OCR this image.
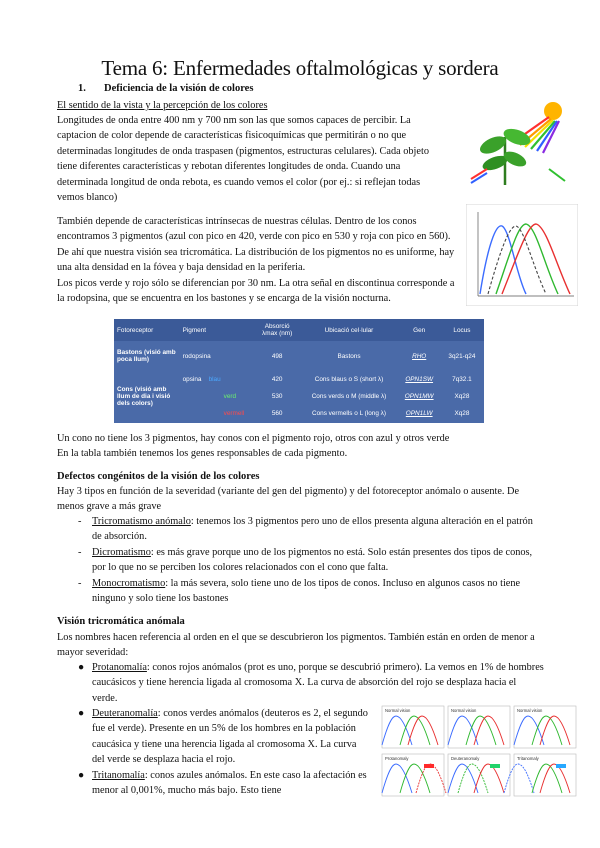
Tema 6: Enfermedades oftalmológicas y sordera
1. Deficiencia de la visión de colores
El sentido de la vista y la percepción de los colores

Longitudes de onda entre 400 nm y 700 nm son las que somos capaces de percibir. La captacion de color depende de características fisicoquímicas que permitirán o no que determinadas longitudes de onda traspasen (pigmentos, estructuras celulares). Cada objeto tiene diferentes características y rebotan diferentes longitudes de onda. Cuando una determinada longitud de onda rebota, es cuando vemos el color (por ej.: si reflejan todas vemos blanco)

También depende de características intrínsecas de nuestras células. Dentro de los conos encontramos 3 pigmentos (azul con pico en 420, verde con pico en 530 y roja con pico en 560). De ahí que nuestra visión sea tricromática. La distribución de los pigmentos no es uniforme, hay una alta densidad en la fóvea y baja densidad en la periferia.

Los picos verde y rojo sólo se diferencian por 30 nm. La otra señal en discontinua corresponde a la rodopsina, que se encuentra en los bastones y se encarga de la visión nocturna.

Fotoreceptor	Pigment	Absorció λmax (nm)	Ubicació cel·lular	Gen	Locus
Bastons (visió amb poca llum)	rodopsina	498	Bastons	RHO	3q21-q24
Cons (visió amb llum de dia i visió dels colors)	opsina blau	420	Cons blaus o S (short λ)	OPN1SW	7q32.1
	verd	530	Cons verds o M (middle λ)	OPN1MW	Xq28
	vermell	560	Cons vermells o L (long λ)	OPN1LW	Xq28

Un cono no tiene los 3 pigmentos, hay conos con el pigmento rojo, otros con azul y otros verde

En la tabla también tenemos los genes responsables de cada pigmento.

Defectos congénitos de la visión de los colores

Hay 3 tipos en función de la severidad (variante del gen del pigmento) y del fotoreceptor anómalo o ausente. De menos grave a más grave

- Tricromatismo anómalo: tenemos los 3 pigmentos pero uno de ellos presenta alguna alteración en el patrón de absorción.
- Dicromatismo: es más grave porque uno de los pigmentos no está. Solo están presentes dos tipos de conos, por lo que no se perciben los colores relacionados con el cono que falta.
- Monocromatismo: la más severa, solo tiene uno de los tipos de conos. Incluso en algunos casos no tiene ninguno y solo tiene los bastones
Visión tricromática anómala

Los nombres hacen referencia al orden en el que se descubrieron los pigmentos. También están en orden de menor a mayor severidad:

● Protanomalía: conos rojos anómalos (prot es uno, porque se descubrió primero). La vemos en 1% de hombres caucásicos y tiene herencia ligada al cromosoma X. La curva de absorción del rojo se desplaza hacia el verde.
● Deuteranomalía: conos verdes anómalos (deuteros es 2, el segundo fue el verde). Presente en un 5% de los hombres en la población caucásica y tiene una herencia ligada al cromosoma X. La curva del verde se desplaza hacia el rojo.
● Tritanomalía: conos azules anómalos. En este caso la afectación es menor al 0,001%, mucho más bajo. Esto tiene
Normal vision	Normal vision	Normal vision
Protanomaly	Deuteranomaly	Tritanomaly
